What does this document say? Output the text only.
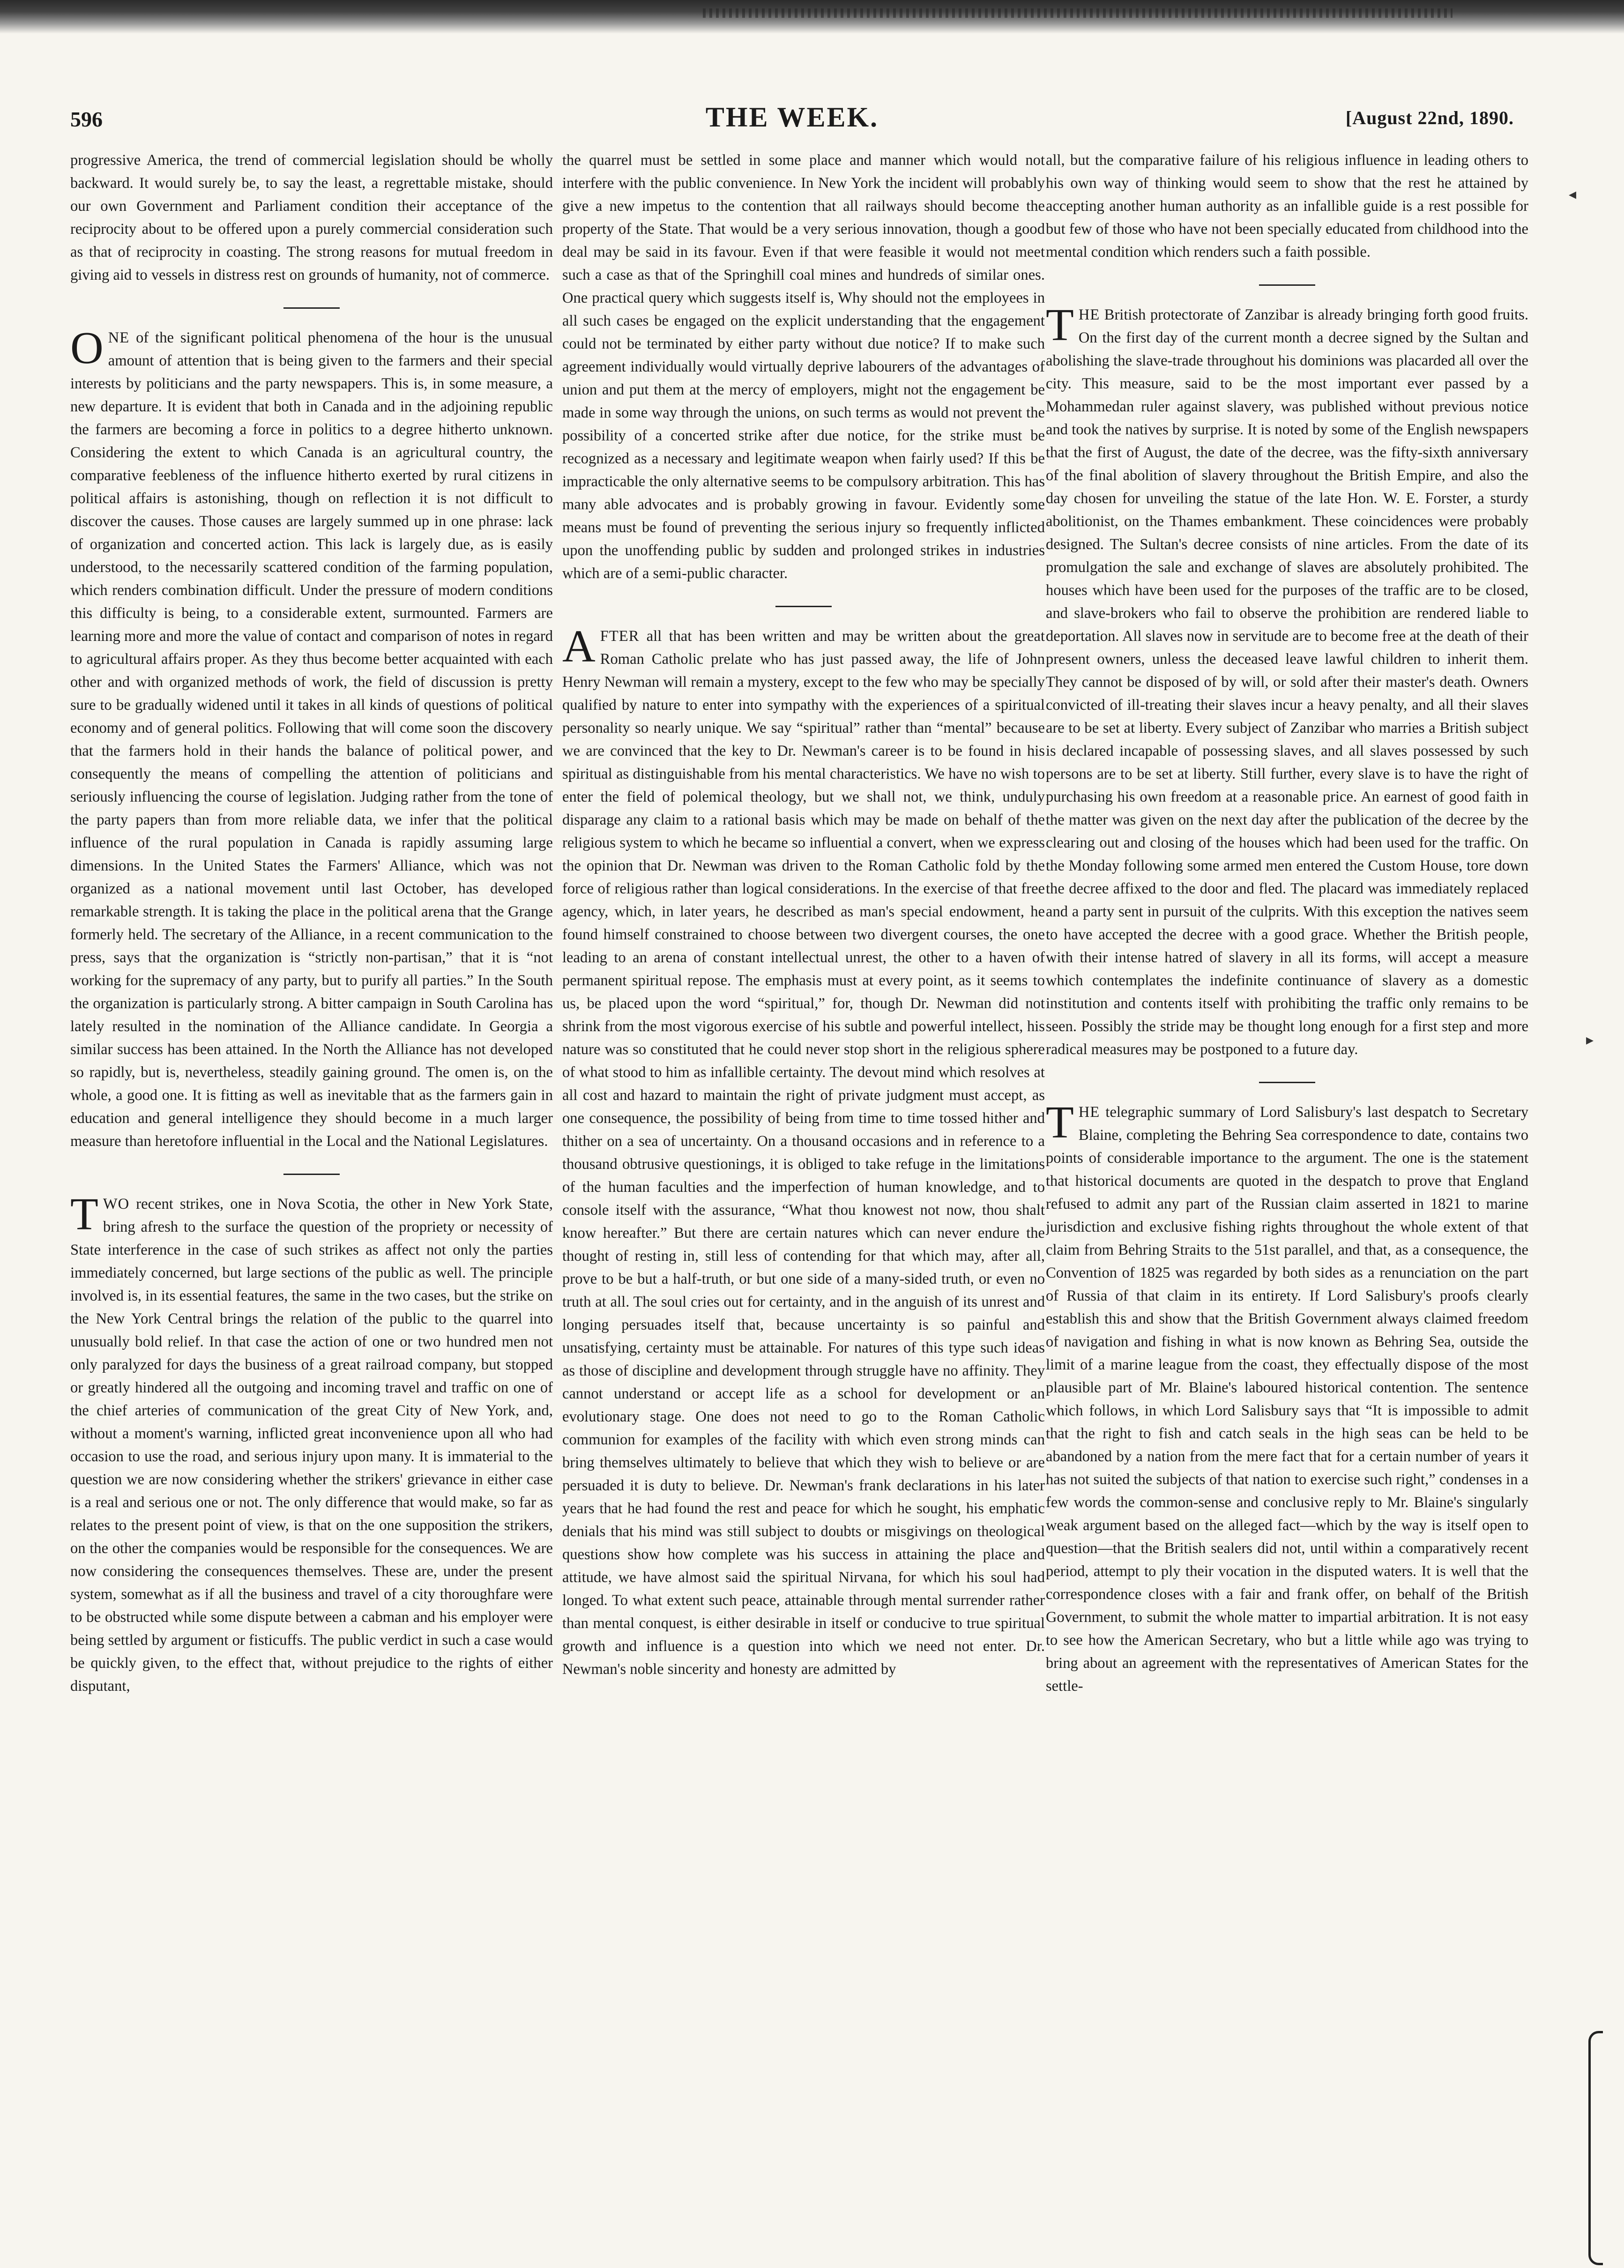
◂
▸
596	THE WEEK.	[August 22nd, 1890.

progressive America, the trend of commercial legislation should be wholly backward. It would surely be, to say the least, a regrettable mistake, should our own Government and Parliament condition their acceptance of the reciprocity about to be offered upon a purely commercial consideration such as that of reciprocity in coasting. The strong reasons for mutual freedom in giving aid to vessels in distress rest on grounds of humanity, not of commerce.

ONE of the significant political phenomena of the hour is the unusual amount of attention that is being given to the farmers and their special interests by politicians and the party newspapers. This is, in some measure, a new departure. It is evident that both in Canada and in the adjoining republic the farmers are becoming a force in politics to a degree hitherto unknown. Considering the extent to which Canada is an agricultural country, the comparative feebleness of the influence hitherto exerted by rural citizens in political affairs is astonishing, though on reflection it is not difficult to discover the causes. Those causes are largely summed up in one phrase: lack of organization and concerted action. This lack is largely due, as is easily understood, to the necessarily scattered condition of the farming population, which renders combination difficult. Under the pressure of modern conditions this difficulty is being, to a considerable extent, surmounted. Farmers are learning more and more the value of contact and comparison of notes in regard to agricultural affairs proper. As they thus become better acquainted with each other and with organized methods of work, the field of discussion is pretty sure to be gradually widened until it takes in all kinds of questions of political economy and of general politics. Following that will come soon the discovery that the farmers hold in their hands the balance of political power, and consequently the means of compelling the attention of politicians and seriously influencing the course of legislation. Judging rather from the tone of the party papers than from more reliable data, we infer that the political influence of the rural population in Canada is rapidly assuming large dimensions. In the United States the Farmers' Alliance, which was not organized as a national movement until last October, has developed remarkable strength. It is taking the place in the political arena that the Grange formerly held. The secretary of the Alliance, in a recent communication to the press, says that the organization is “strictly non-partisan,” that it is “not working for the supremacy of any party, but to purify all parties.” In the South the organization is particularly strong. A bitter campaign in South Carolina has lately resulted in the nomination of the Alliance candidate. In Georgia a similar success has been attained. In the North the Alliance has not developed so rapidly, but is, nevertheless, steadily gaining ground. The omen is, on the whole, a good one. It is fitting as well as inevitable that as the farmers gain in education and general intelligence they should become in a much larger measure than heretofore influential in the Local and the National Legislatures.

TWO recent strikes, one in Nova Scotia, the other in New York State, bring afresh to the surface the question of the propriety or necessity of State interference in the case of such strikes as affect not only the parties immediately concerned, but large sections of the public as well. The principle involved is, in its essential features, the same in the two cases, but the strike on the New York Central brings the relation of the public to the quarrel into unusually bold relief. In that case the action of one or two hundred men not only paralyzed for days the business of a great railroad company, but stopped or greatly hindered all the outgoing and incoming travel and traffic on one of the chief arteries of communication of the great City of New York, and, without a moment's warning, inflicted great inconvenience upon all who had occasion to use the road, and serious injury upon many. It is immaterial to the question we are now considering whether the strikers' grievance in either case is a real and serious one or not. The only difference that would make, so far as relates to the present point of view, is that on the one supposition the strikers, on the other the companies would be responsible for the consequences. We are now considering the consequences themselves. These are, under the present system, somewhat as if all the business and travel of a city thoroughfare were to be obstructed while some dispute between a cabman and his employer were being settled by argument or fisticuffs. The public verdict in such a case would be quickly given, to the effect that, without prejudice to the rights of either disputant,

the quarrel must be settled in some place and manner which would not interfere with the public convenience. In New York the incident will probably give a new impetus to the contention that all railways should become the property of the State. That would be a very serious innovation, though a good deal may be said in its favour. Even if that were feasible it would not meet such a case as that of the Springhill coal mines and hundreds of similar ones. One practical query which suggests itself is, Why should not the employees in all such cases be engaged on the explicit understanding that the engagement could not be terminated by either party without due notice? If to make such agreement individually would virtually deprive labourers of the advantages of union and put them at the mercy of employers, might not the engagement be made in some way through the unions, on such terms as would not prevent the possibility of a concerted strike after due notice, for the strike must be recognized as a necessary and legitimate weapon when fairly used? If this be impracticable the only alternative seems to be compulsory arbitration. This has many able advocates and is probably growing in favour. Evidently some means must be found of preventing the serious injury so frequently inflicted upon the unoffending public by sudden and prolonged strikes in industries which are of a semi-public character.

AFTER all that has been written and may be written about the great Roman Catholic prelate who has just passed away, the life of John Henry Newman will remain a mystery, except to the few who may be specially qualified by nature to enter into sympathy with the experiences of a spiritual personality so nearly unique. We say “spiritual” rather than “mental” because we are convinced that the key to Dr. Newman's career is to be found in his spiritual as distinguishable from his mental characteristics. We have no wish to enter the field of polemical theology, but we shall not, we think, unduly disparage any claim to a rational basis which may be made on behalf of the religious system to which he became so influential a convert, when we express the opinion that Dr. Newman was driven to the Roman Catholic fold by the force of religious rather than logical considerations. In the exercise of that free agency, which, in later years, he described as man's special endowment, he found himself constrained to choose between two divergent courses, the one leading to an arena of constant intellectual unrest, the other to a haven of permanent spiritual repose. The emphasis must at every point, as it seems to us, be placed upon the word “spiritual,” for, though Dr. Newman did not shrink from the most vigorous exercise of his subtle and powerful intellect, his nature was so constituted that he could never stop short in the religious sphere of what stood to him as infallible certainty. The devout mind which resolves at all cost and hazard to maintain the right of private judgment must accept, as one consequence, the possibility of being from time to time tossed hither and thither on a sea of uncertainty. On a thousand occasions and in reference to a thousand obtrusive questionings, it is obliged to take refuge in the limitations of the human faculties and the imperfection of human knowledge, and to console itself with the assurance, “What thou knowest not now, thou shalt know hereafter.” But there are certain natures which can never endure the thought of resting in, still less of contending for that which may, after all, prove to be but a half-truth, or but one side of a many-sided truth, or even no truth at all. The soul cries out for certainty, and in the anguish of its unrest and longing persuades itself that, because uncertainty is so painful and unsatisfying, certainty must be attainable. For natures of this type such ideas as those of discipline and development through struggle have no affinity. They cannot understand or accept life as a school for development or an evolutionary stage. One does not need to go to the Roman Catholic communion for examples of the facility with which even strong minds can bring themselves ultimately to believe that which they wish to believe or are persuaded it is duty to believe. Dr. Newman's frank declarations in his later years that he had found the rest and peace for which he sought, his emphatic denials that his mind was still subject to doubts or misgivings on theological questions show how complete was his success in attaining the place and attitude, we have almost said the spiritual Nirvana, for which his soul had longed. To what extent such peace, attainable through mental surrender rather than mental conquest, is either desirable in itself or conducive to true spiritual growth and influence is a question into which we need not enter. Dr. Newman's noble sincerity and honesty are admitted by

all, but the comparative failure of his religious influence in leading others to his own way of thinking would seem to show that the rest he attained by accepting another human authority as an infallible guide is a rest possible for but few of those who have not been specially educated from childhood into the mental condition which renders such a faith possible.

THE British protectorate of Zanzibar is already bringing forth good fruits. On the first day of the current month a decree signed by the Sultan and abolishing the slave-trade throughout his dominions was placarded all over the city. This measure, said to be the most important ever passed by a Mohammedan ruler against slavery, was published without previous notice and took the natives by surprise. It is noted by some of the English newspapers that the first of August, the date of the decree, was the fifty-sixth anniversary of the final abolition of slavery throughout the British Empire, and also the day chosen for unveiling the statue of the late Hon. W. E. Forster, a sturdy abolitionist, on the Thames embankment. These coincidences were probably designed. The Sultan's decree consists of nine articles. From the date of its promulgation the sale and exchange of slaves are absolutely prohibited. The houses which have been used for the purposes of the traffic are to be closed, and slave-brokers who fail to observe the prohibition are rendered liable to deportation. All slaves now in servitude are to become free at the death of their present owners, unless the deceased leave lawful children to inherit them. They cannot be disposed of by will, or sold after their master's death. Owners convicted of ill-treating their slaves incur a heavy penalty, and all their slaves are to be set at liberty. Every subject of Zanzibar who marries a British subject is declared incapable of possessing slaves, and all slaves possessed by such persons are to be set at liberty. Still further, every slave is to have the right of purchasing his own freedom at a reasonable price. An earnest of good faith in the matter was given on the next day after the publication of the decree by the clearing out and closing of the houses which had been used for the traffic. On the Monday following some armed men entered the Custom House, tore down the decree affixed to the door and fled. The placard was immediately replaced and a party sent in pursuit of the culprits. With this exception the natives seem to have accepted the decree with a good grace. Whether the British people, with their intense hatred of slavery in all its forms, will accept a measure which contemplates the indefinite continuance of slavery as a domestic institution and contents itself with prohibiting the traffic only remains to be seen. Possibly the stride may be thought long enough for a first step and more radical measures may be postponed to a future day.

THE telegraphic summary of Lord Salisbury's last despatch to Secretary Blaine, completing the Behring Sea correspondence to date, contains two points of considerable importance to the argument. The one is the statement that historical documents are quoted in the despatch to prove that England refused to admit any part of the Russian claim asserted in 1821 to marine jurisdiction and exclusive fishing rights throughout the whole extent of that claim from Behring Straits to the 51st parallel, and that, as a consequence, the Convention of 1825 was regarded by both sides as a renunciation on the part of Russia of that claim in its entirety. If Lord Salisbury's proofs clearly establish this and show that the British Government always claimed freedom of navigation and fishing in what is now known as Behring Sea, outside the limit of a marine league from the coast, they effectually dispose of the most plausible part of Mr. Blaine's laboured historical contention. The sentence which follows, in which Lord Salisbury says that “It is impossible to admit that the right to fish and catch seals in the high seas can be held to be abandoned by a nation from the mere fact that for a certain number of years it has not suited the subjects of that nation to exercise such right,” condenses in a few words the common-sense and conclusive reply to Mr. Blaine's singularly weak argument based on the alleged fact—which by the way is itself open to question—that the British sealers did not, until within a comparatively recent period, attempt to ply their vocation in the disputed waters. It is well that the correspondence closes with a fair and frank offer, on behalf of the British Government, to submit the whole matter to impartial arbitration. It is not easy to see how the American Secretary, who but a little while ago was trying to bring about an agreement with the representatives of American States for the settle-
